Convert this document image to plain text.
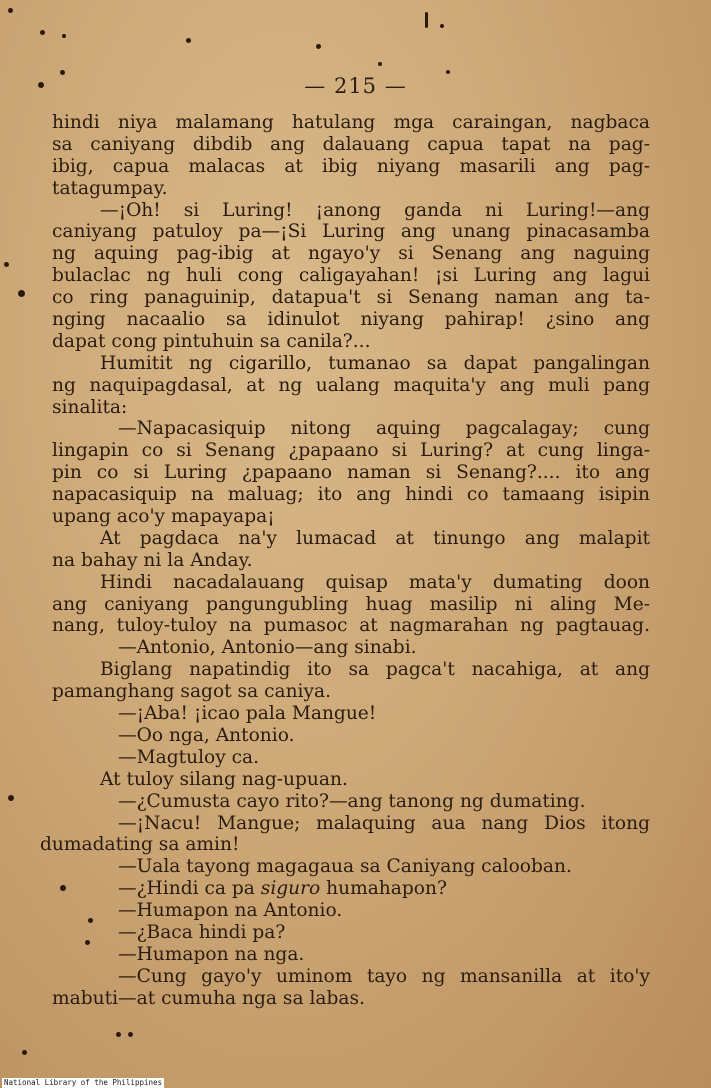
— 215 —
hindi niya malamang hatulang mga caraingan, nagbaca
sa caniyang dibdib ang dalauang capua tapat na pag-
ibig, capua malacas at ibig niyang masarili ang pag-
tatagumpay.
—¡Oh! si Luring! ¡anong ganda ni Luring!—ang
caniyang patuloy pa—¡Si Luring ang unang pinacasamba
ng aquing pag-ibig at ngayo'y si Senang ang naguing
bulaclac ng huli cong caligayahan! ¡si Luring ang lagui
co ring panaguinip, datapua't si Senang naman ang ta-
nging nacaalio sa idinulot niyang pahirap! ¿sino ang
dapat cong pintuhuin sa canila?...
Humitit ng cigarillo, tumanao sa dapat pangalingan
ng naquipagdasal, at ng ualang maquita'y ang muli pang
sinalita:
—Napacasiquip nitong aquing pagcalagay; cung
lingapin co si Senang ¿papaano si Luring? at cung linga-
pin co si Luring ¿papaano naman si Senang?.... ito ang
napacasiquip na maluag; ito ang hindi co tamaang isipin
upang aco'y mapayapa¡
At pagdaca na'y lumacad at tinungo ang malapit
na bahay ni la Anday.
Hindi nacadalauang quisap mata'y dumating doon
ang caniyang pangungubling huag masilip ni aling Me-
nang, tuloy-tuloy na pumasoc at nagmarahan ng pagtauag.
—Antonio, Antonio—ang sinabi.
Biglang napatindig ito sa pagca't nacahiga, at ang
pamanghang sagot sa caniya.
—¡Aba! ¡icao pala Mangue!
—Oo nga, Antonio.
—Magtuloy ca.
At tuloy silang nag-upuan.
—¿Cumusta cayo rito?—ang tanong ng dumating.
—¡Nacu! Mangue; malaquing aua nang Dios itong
dumadating sa amin!
—Uala tayong magagaua sa Caniyang calooban.
—¿Hindi ca pa siguro humahapon?
—Humapon na Antonio.
—¿Baca hindi pa?
—Humapon na nga.
—Cung gayo'y uminom tayo ng mansanilla at ito'y
mabuti—at cumuha nga sa labas.
National Library of the Philippines
